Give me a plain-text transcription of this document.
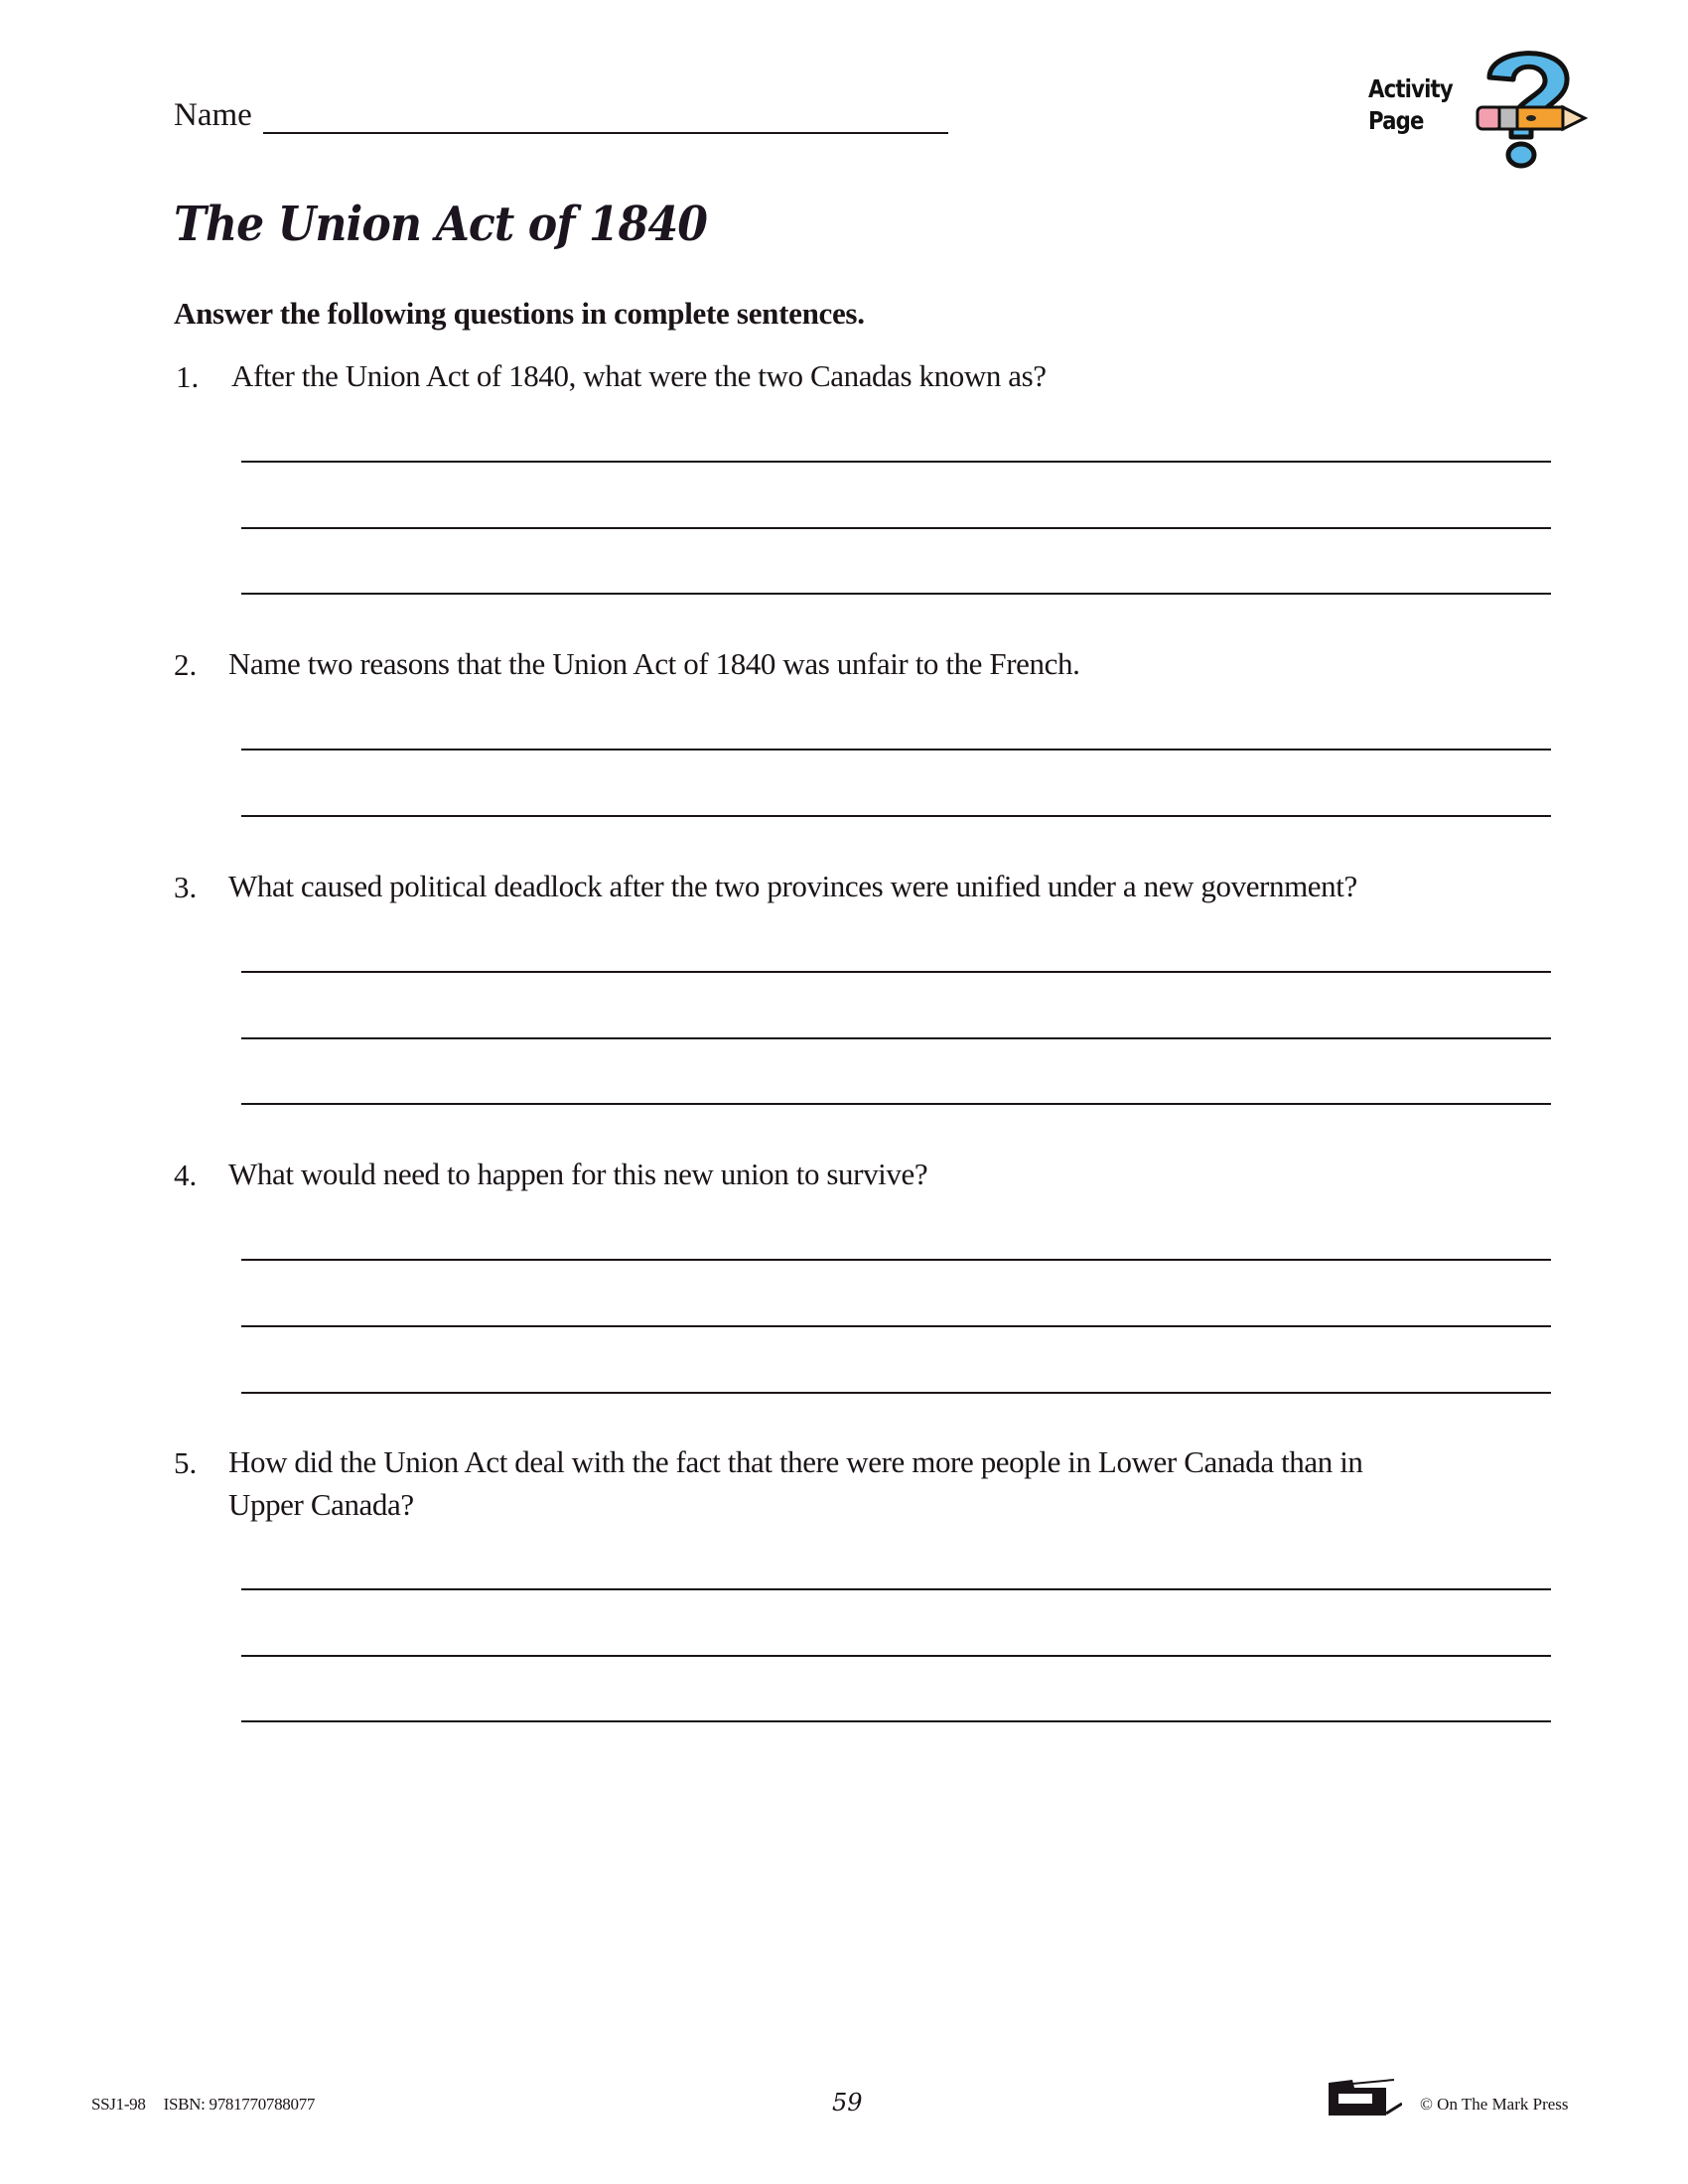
Name
Activity
Page
The Union Act of 1840
Answer the following questions in complete sentences.
1. After the Union Act of 1840, what were the two Canadas known as?
2. Name two reasons that the Union Act of 1840 was unfair to the French.
3. What caused political deadlock after the two provinces were unified under a new government?
4. What would need to happen for this new union to survive?
5. How did the Union Act deal with the fact that there were more people in Lower Canada than in
Upper Canada?
SSJ1-98 ISBN: 9781770788077	59	© On The Mark Press
